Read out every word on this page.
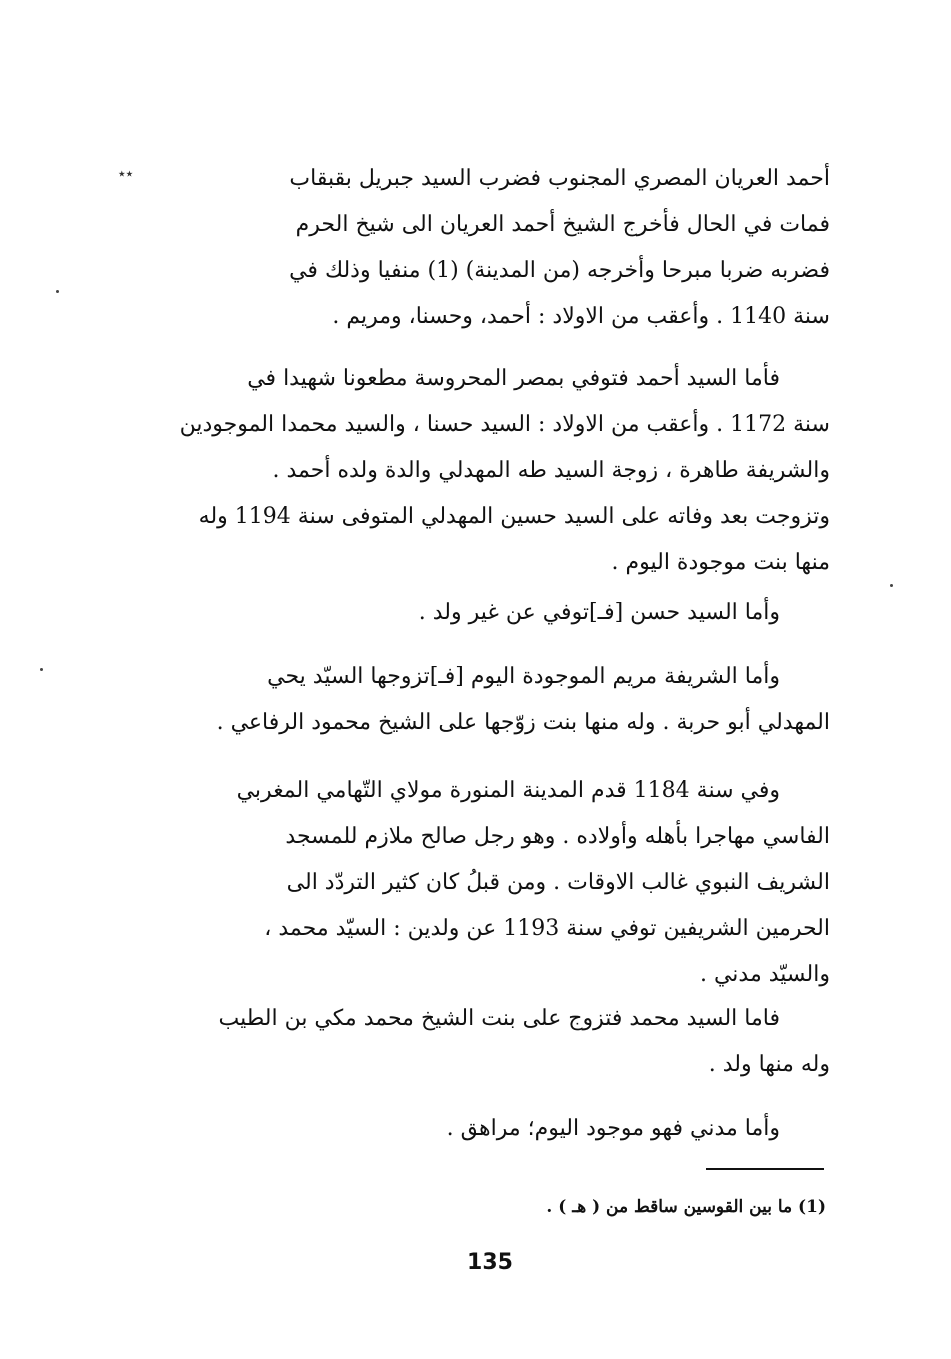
٭٭	أحمد العريان المصري المجنوب فضرب السيد جبريل بقبقاب

فمات في الحال فأخرج الشيخ أحمد العريان الى شيخ الحرم

فضربه ضربا مبرحا وأخرجه (من المدينة) (1) منفيا وذلك في

سنة 1140 . وأعقب من الاولاد : أحمد، وحسنا، ومريم .

فأما السيد أحمد فتوفي بمصر المحروسة مطعونا شهيدا في

سنة 1172 . وأعقب من الاولاد : السيد حسنا ، والسيد محمدا الموجودين

والشريفة طاهرة ، زوجة السيد طه المهدلي والدة ولده أحمد .

وتزوجت بعد وفاته على السيد حسين المهدلي المتوفى سنة 1194 وله

منها بنت موجودة اليوم .

وأما السيد حسن [فـ]توفي عن غير ولد .

وأما الشريفة مريم الموجودة اليوم [فـ]تزوجها السيّد يحي

المهدلي أبو حربة . وله منها بنت زوّجها على الشيخ محمود الرفاعي .

وفي سنة 1184 قدم المدينة المنورة مولاي التّهامي المغربي

الفاسي مهاجرا بأهله وأولاده . وهو رجل صالح ملازم للمسجد

الشريف النبوي غالب الاوقات . ومن قبلُ كان كثير التردّد الى

الحرمين الشريفين توفي سنة 1193 عن ولدين : السيّد محمد ،

والسيّد مدني .

فاما السيد محمد فتزوج على بنت الشيخ محمد مكي بن الطيب

وله منها ولد .

وأما مدني فهو موجود اليوم؛ مراهق .

(1) ما بين القوسين ساقط من ( هـ ) .
135
